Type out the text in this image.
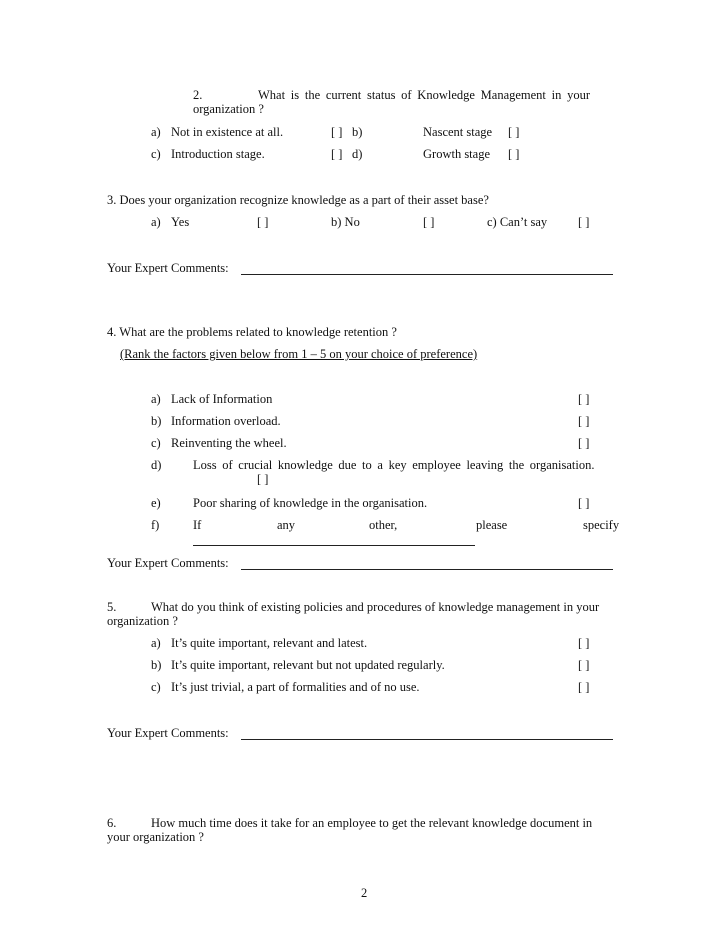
2.	What is the current status of Knowledge Management in your
organization ?
a) Not in existence at all.	[ ] b)	Nascent stage [ ]
c) Introduction stage.	[ ] d)	Growth stage [ ]
3. Does your organization recognize knowledge as a part of their asset base?
a) Yes	[ ]	b) No	[ ]	c) Can’t say [ ]
Your Expert Comments:
4. What are the problems related to knowledge retention ?
(Rank the factors given below from 1 – 5 on your choice of preference)
a) Lack of Information	[ ]
b) Information overload.	[ ]
c) Reinventing the wheel.	[ ]
d)	Loss of crucial knowledge due to a key employee leaving the organisation.
[ ]
e)	Poor sharing of knowledge in the organisation.	[ ]
f)	If	any	other,	please	specify
Your Expert Comments:
5.	What do you think of existing policies and procedures of knowledge management in your
organization ?
a) It’s quite important, relevant and latest.	[ ]
b) It’s quite important, relevant but not updated regularly.	[ ]
c) It’s just trivial, a part of formalities and of no use.	[ ]
Your Expert Comments:
6.	How much time does it take for an employee to get the relevant knowledge document in
your organization ?
2
